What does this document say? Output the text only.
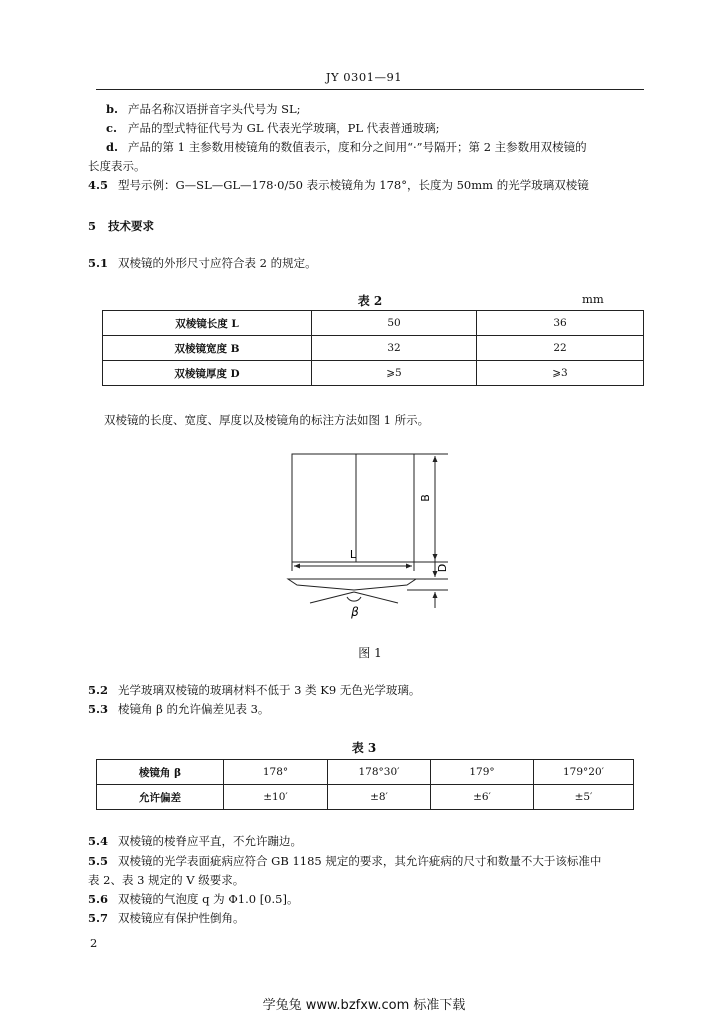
JY 0301—91
b. 产品名称汉语拼音字头代号为 SL;
c. 产品的型式特征代号为 GL 代表光学玻璃，PL 代表普通玻璃;
d. 产品的第 1 主参数用棱镜角的数值表示，度和分之间用“·”号隔开；第 2 主参数用双棱镜的
长度表示。
4.5 型号示例：G—SL—GL—178·0/50 表示棱镜角为 178°，长度为 50mm 的光学玻璃双棱镜
5 技术要求
5.1 双棱镜的外形尺寸应符合表 2 的规定。
表 2	mm
双棱镜长度 L	50	36
双棱镜宽度 B	32	22
双棱镜厚度 D	⩾5	⩾3
双棱镜的长度、宽度、厚度以及棱镜角的标注方法如图 1 所示。
B
L
D
β
图 1
5.2 光学玻璃双棱镜的玻璃材料不低于 3 类 K9 无色光学玻璃。
5.3 棱镜角 β 的允许偏差见表 3。
表 3
棱镜角 β	178°	178°30′	179°	179°20′
允许偏差	±10′	±8′	±6′	±5′
5.4 双棱镜的棱脊应平直，不允许蹦边。
5.5 双棱镜的光学表面疵病应符合 GB 1185 规定的要求，其允许疵病的尺寸和数量不大于该标准中
表 2、表 3 规定的 V 级要求。
5.6 双棱镜的气泡度 q 为 Φ1.0 [0.5]。
5.7 双棱镜应有保护性倒角。
2
学兔兔 www.bzfxw.com 标准下载
